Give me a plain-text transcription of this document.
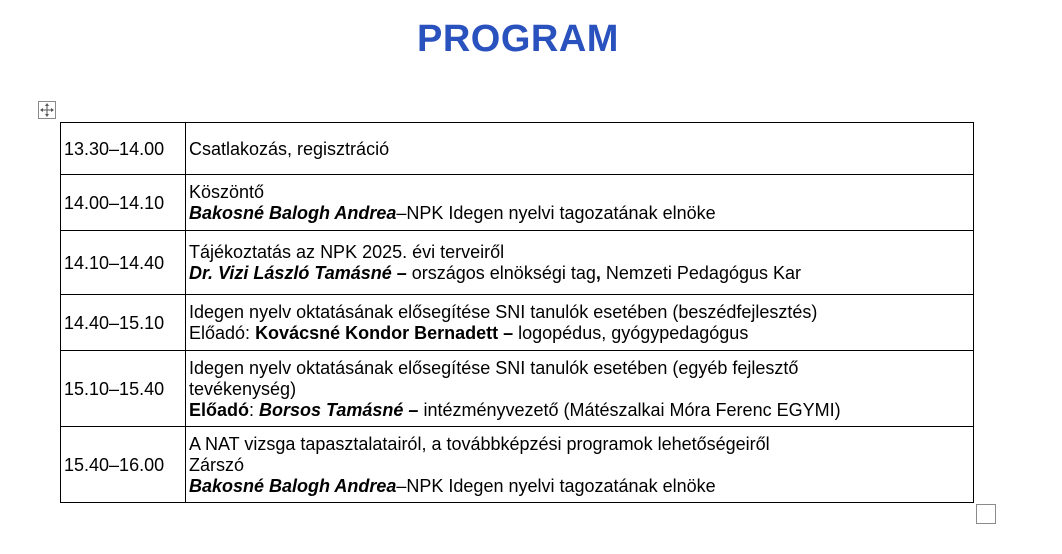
PROGRAM
13.30–14.00	Csatlakozás, regisztráció

14.00–14.10	Köszöntő
Bakosné Balogh Andrea–NPK Idegen nyelvi tagozatának elnöke

14.10–14.40	Tájékoztatás az NPK 2025. évi terveiről
Dr. Vizi László Tamásné – országos elnökségi tag, Nemzeti Pedagógus Kar

14.40–15.10	Idegen nyelv oktatásának elősegítése SNI tanulók esetében (beszédfejlesztés)
Előadó: Kovácsné Kondor Bernadett – logopédus, gyógypedagógus

15.10–15.40	Idegen nyelv oktatásának elősegítése SNI tanulók esetében (egyéb fejlesztő
tevékenység)
Előadó: Borsos Tamásné – intézményvezető (Mátészalkai Móra Ferenc EGYMI)

15.40–16.00	A NAT vizsga tapasztalatairól, a továbbképzési programok lehetőségeiről
Zárszó
Bakosné Balogh Andrea–NPK Idegen nyelvi tagozatának elnöke
